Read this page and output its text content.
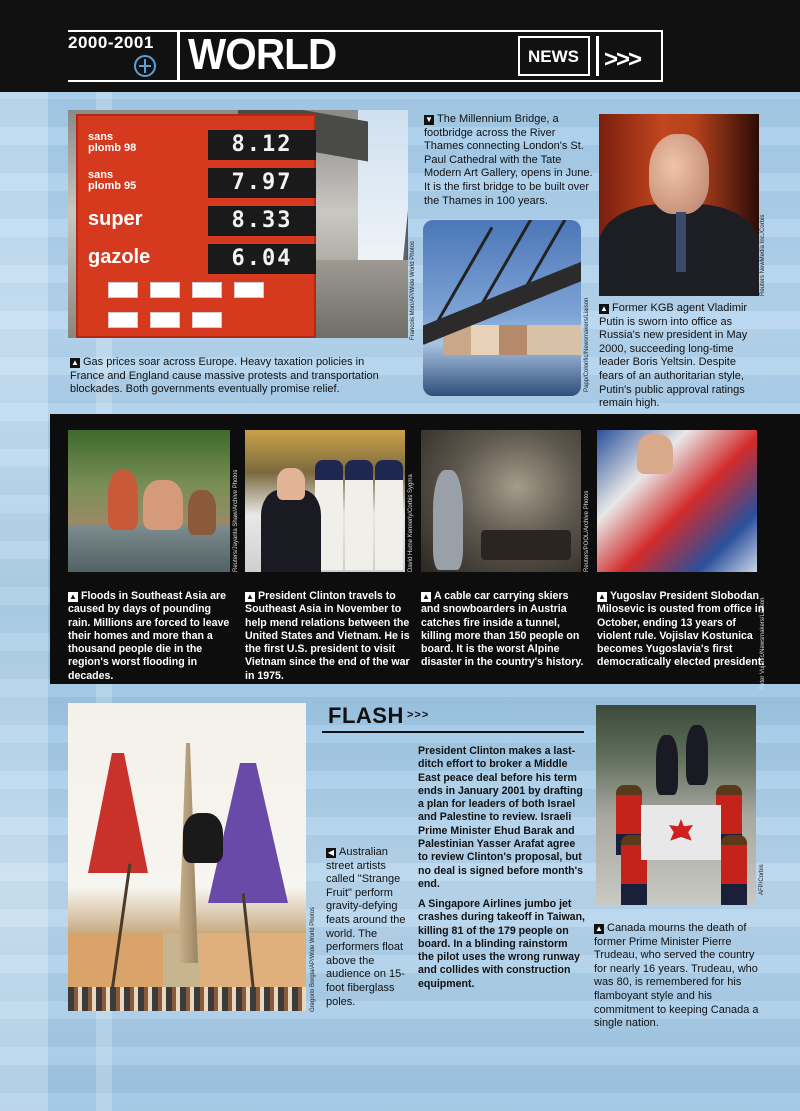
2000-2001 WORLD	NEWS >>>
sans plomb 98	8.12
sans plomb 95	7.97
super	8.33
gazole	6.04	Francois Mori/AP/Wide World Photos
▲ Gas prices soar across Europe. Heavy taxation policies in France and England cause massive protests and transportation blockades. Both governments eventually promise relief.
▼ The Millennium Bridge, a footbridge across the River Thames connecting London's St. Paul Cathedral with the Tate Modern Art Gallery, opens in June. It is the first bridge to be built over the Thames in 100 years.
Papp/Colorific/Newsmakers/Liaison
Reuters NewMedia Inc./Corbis
▲ Former KGB agent Vladimir Putin is sworn into office as Russia's new president in May 2000, succeeding long-time leader Boris Yeltsin. Despite fears of an authoritarian style, Putin's public approval ratings remain high.
Reuters/Jayanta Shaw/Archive Photos
▲ Floods in Southeast Asia are caused by days of pounding rain. Millions are forced to leave their homes and more than a thousand people die in the region's worst flooding in decades.
David Hume Kennerly/Corbis Sygma
▲ President Clinton travels to Southeast Asia in November to help mend relations between the United States and Vietnam. He is the first U.S. president to visit Vietnam since the end of the war in 1975.
Reuters/POOL/Archive Photos
▲ A cable car carrying skiers and snowboarders in Austria catches fire inside a tunnel, killing more than 150 people on board. It is the worst Alpine disaster in the country's history.	Peter Vujanic/Newsmakers/Liaison
▲ Yugoslav President Slobodan Milosevic is ousted from office in October, ending 13 years of violent rule. Vojislav Kostunica becomes Yugoslavia's first democratically elected president.
Gregorio Borgia/AP/Wide World Photos
◀ Australian street artists called "Strange Fruit" perform gravity-defying feats around the world. The performers float above the audience on 15-foot fiberglass poles.
FLASH >>>
President Clinton makes a last-ditch effort to broker a Middle East peace deal before his term ends in January 2001 by drafting a plan for leaders of both Israel and Palestine to review. Israeli Prime Minister Ehud Barak and Palestinian Yasser Arafat agree to review Clinton's proposal, but no deal is signed before month's end.
A Singapore Airlines jumbo jet crashes during takeoff in Taiwan, killing 81 of the 179 people on board. In a blinding rainstorm the pilot uses the wrong runway and collides with construction equipment.
AFP/Corbis
▲ Canada mourns the death of former Prime Minister Pierre Trudeau, who served the country for nearly 16 years. Trudeau, who was 80, is remembered for his flamboyant style and his commitment to keeping Canada a single nation.
